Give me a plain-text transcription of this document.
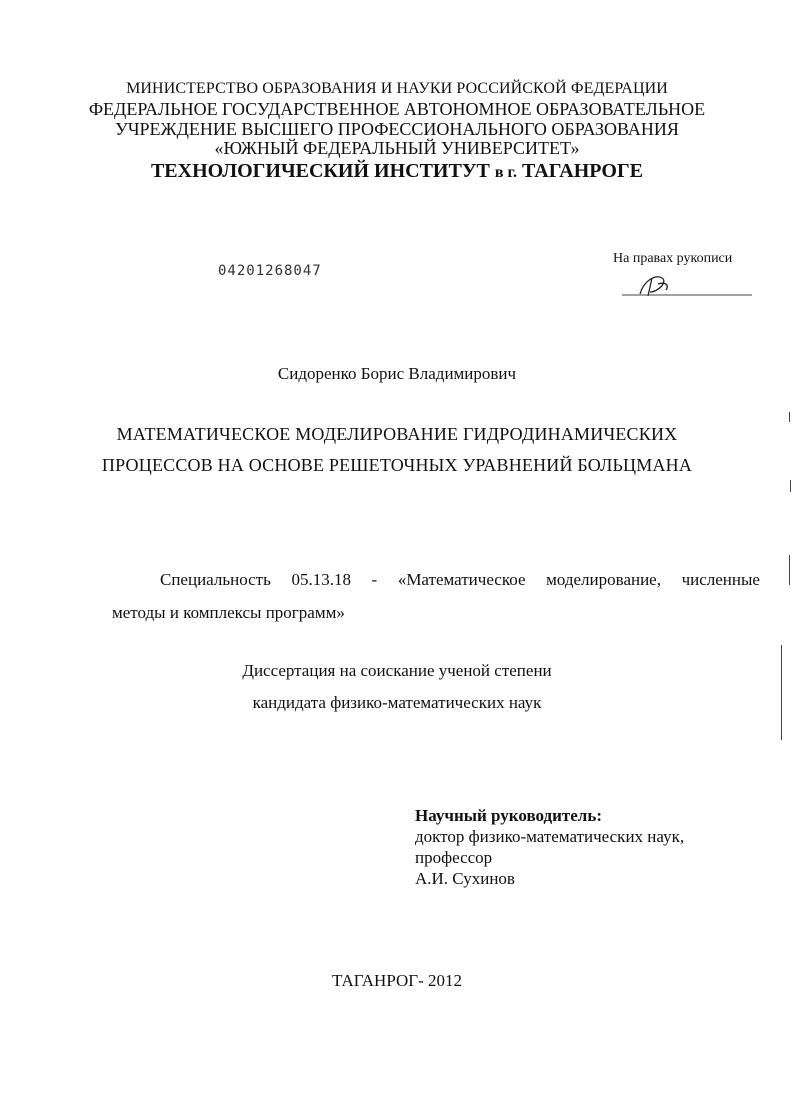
МИНИСТЕРСТВО ОБРАЗОВАНИЯ И НАУКИ РОССИЙСКОЙ ФЕДЕРАЦИИ
ФЕДЕРАЛЬНОЕ ГОСУДАРСТВЕННОЕ АВТОНОМНОЕ ОБРАЗОВАТЕЛЬНОЕ
УЧРЕЖДЕНИЕ ВЫСШЕГО ПРОФЕССИОНАЛЬНОГО ОБРАЗОВАНИЯ
«ЮЖНЫЙ ФЕДЕРАЛЬНЫЙ УНИВЕРСИТЕТ»
ТЕХНОЛОГИЧЕСКИЙ ИНСТИТУТ в г. ТАГАНРОГЕ
04201268047
На правах рукописи
Сидоренко Борис Владимирович
МАТЕМАТИЧЕСКОЕ МОДЕЛИРОВАНИЕ ГИДРОДИНАМИЧЕСКИХ
ПРОЦЕССОВ НА ОСНОВЕ РЕШЕТОЧНЫХ УРАВНЕНИЙ БОЛЬЦМАНА
Специальность 05.13.18 - «Математическое моделирование, численные
методы и комплексы программ»
Диссертация на соискание ученой степени
кандидата физико-математических наук
Научный руководитель:
доктор физико-математических наук,
профессор
А.И. Сухинов
ТАГАНРОГ- 2012
